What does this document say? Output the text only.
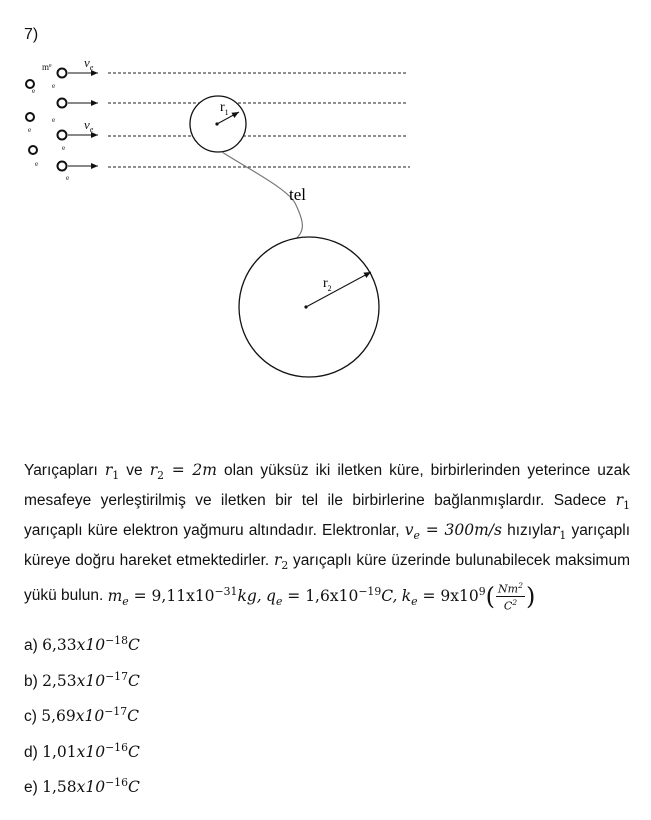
7)
$m^e$ $v_e$
$v_e$
e
e
e
e
e
e
e
$r_1$
tel
$r_2$
Yarıçapları $r_1$ ve $r_2 = 2m$ olan yüksüz iki iletken küre, birbirlerinden yeterince uzak mesafeye yerleştirilmiş ve iletken bir tel ile birbirlerine bağlanmışlardır. Sadece $r_1$ yarıçaplı küre elektron yağmuru altındadır. Elektronlar, $v_e = 300m/s$ hızıylar$_1$ yarıçaplı küreye doğru hareket etmektedirler. $r_2$ yarıçaplı küre üzerinde bulunabilecek maksimum yükü bulun. $m_e = 9,11x10^{-31}kg$, $q_e = 1,6x10^{-19}C$, $k_e = 9x10^9( \frac{Nm^2}{C^2}$ )
a) $6,33x10^{-18}C$
b) $2,53x10^{-17}C$
c) $5,69x10^{-17}C$
d) $1,01x10^{-16}C$
e) $1,58x10^{-16}C$
